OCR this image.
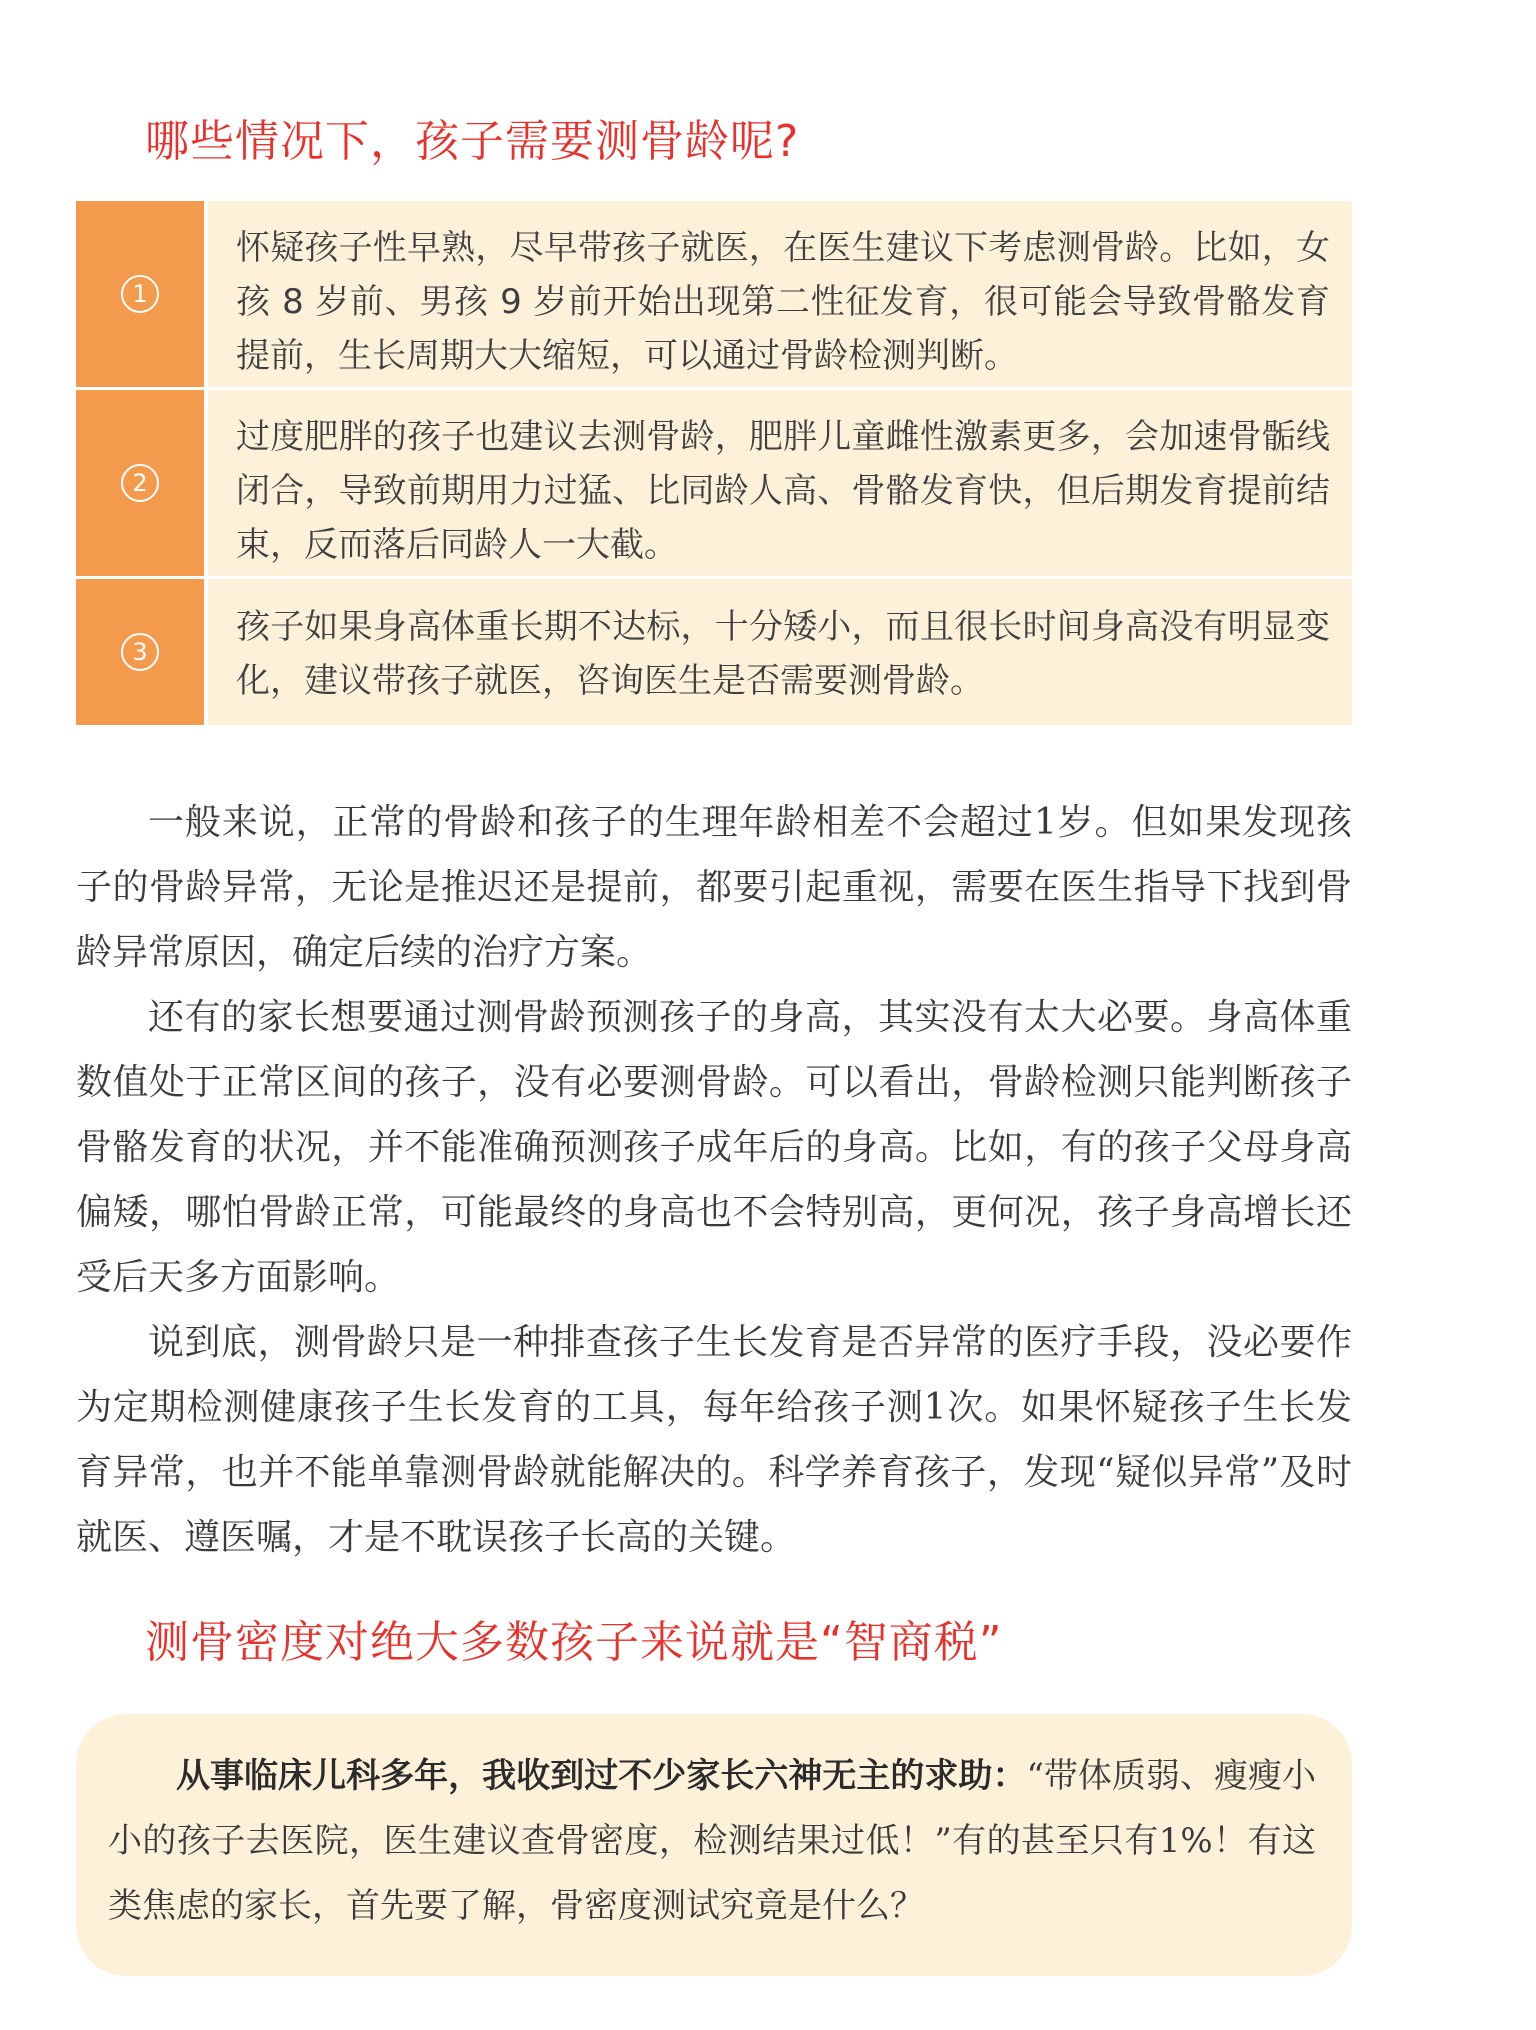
哪些情况下，孩子需要测骨龄呢?
1
怀疑孩子性早熟，尽早带孩子就医，在医生建议下考虑测骨龄。比如，女孩 8 岁前、男孩 9 岁前开始出现第二性征发育，很可能会导致骨骼发育提前，生长周期大大缩短，可以通过骨龄检测判断。
2
过度肥胖的孩子也建议去测骨龄，肥胖儿童雌性激素更多，会加速骨骺线闭合，导致前期用力过猛、比同龄人高、骨骼发育快，但后期发育提前结束，反而落后同龄人一大截。
3
孩子如果身高体重长期不达标，十分矮小，而且很长时间身高没有明显变化，建议带孩子就医，咨询医生是否需要测骨龄。

一般来说，正常的骨龄和孩子的生理年龄相差不会超过1岁。但如果发现孩子的骨龄异常，无论是推迟还是提前，都要引起重视，需要在医生指导下找到骨龄异常原因，确定后续的治疗方案。

还有的家长想要通过测骨龄预测孩子的身高，其实没有太大必要。身高体重数值处于正常区间的孩子，没有必要测骨龄。可以看出，骨龄检测只能判断孩子骨骼发育的状况，并不能准确预测孩子成年后的身高。比如，有的孩子父母身高偏矮，哪怕骨龄正常，可能最终的身高也不会特别高，更何况，孩子身高增长还受后天多方面影响。

说到底，测骨龄只是一种排查孩子生长发育是否异常的医疗手段，没必要作为定期检测健康孩子生长发育的工具，每年给孩子测1次。如果怀疑孩子生长发育异常，也并不能单靠测骨龄就能解决的。科学养育孩子，发现“疑似异常”及时就医、遵医嘱，才是不耽误孩子长高的关键。

测骨密度对绝大多数孩子来说就是“智商税”

从事临床儿科多年，我收到过不少家长六神无主的求助：“带体质弱、瘦瘦小小的孩子去医院，医生建议查骨密度，检测结果过低！”有的甚至只有1%！有这类焦虑的家长，首先要了解，骨密度测试究竟是什么？
